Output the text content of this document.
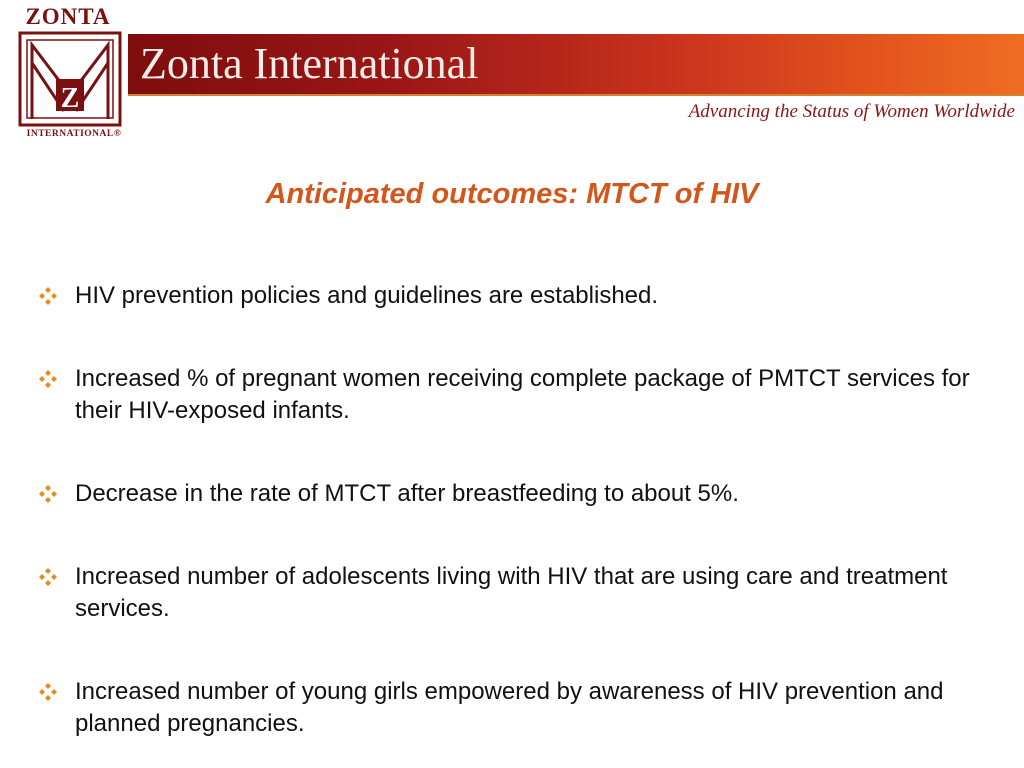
ZONTA
Z
INTERNATIONAL®
Zonta International
Advancing the Status of Women Worldwide
Anticipated outcomes: MTCT of HIV
HIV prevention policies and guidelines are established.
Increased % of pregnant women receiving complete package of PMTCT services for their HIV-exposed infants.
Decrease in the rate of MTCT after breastfeeding to about 5%.
Increased number of adolescents living with HIV that are using care and treatment services.
Increased number of young girls empowered by awareness of HIV prevention and planned pregnancies.
